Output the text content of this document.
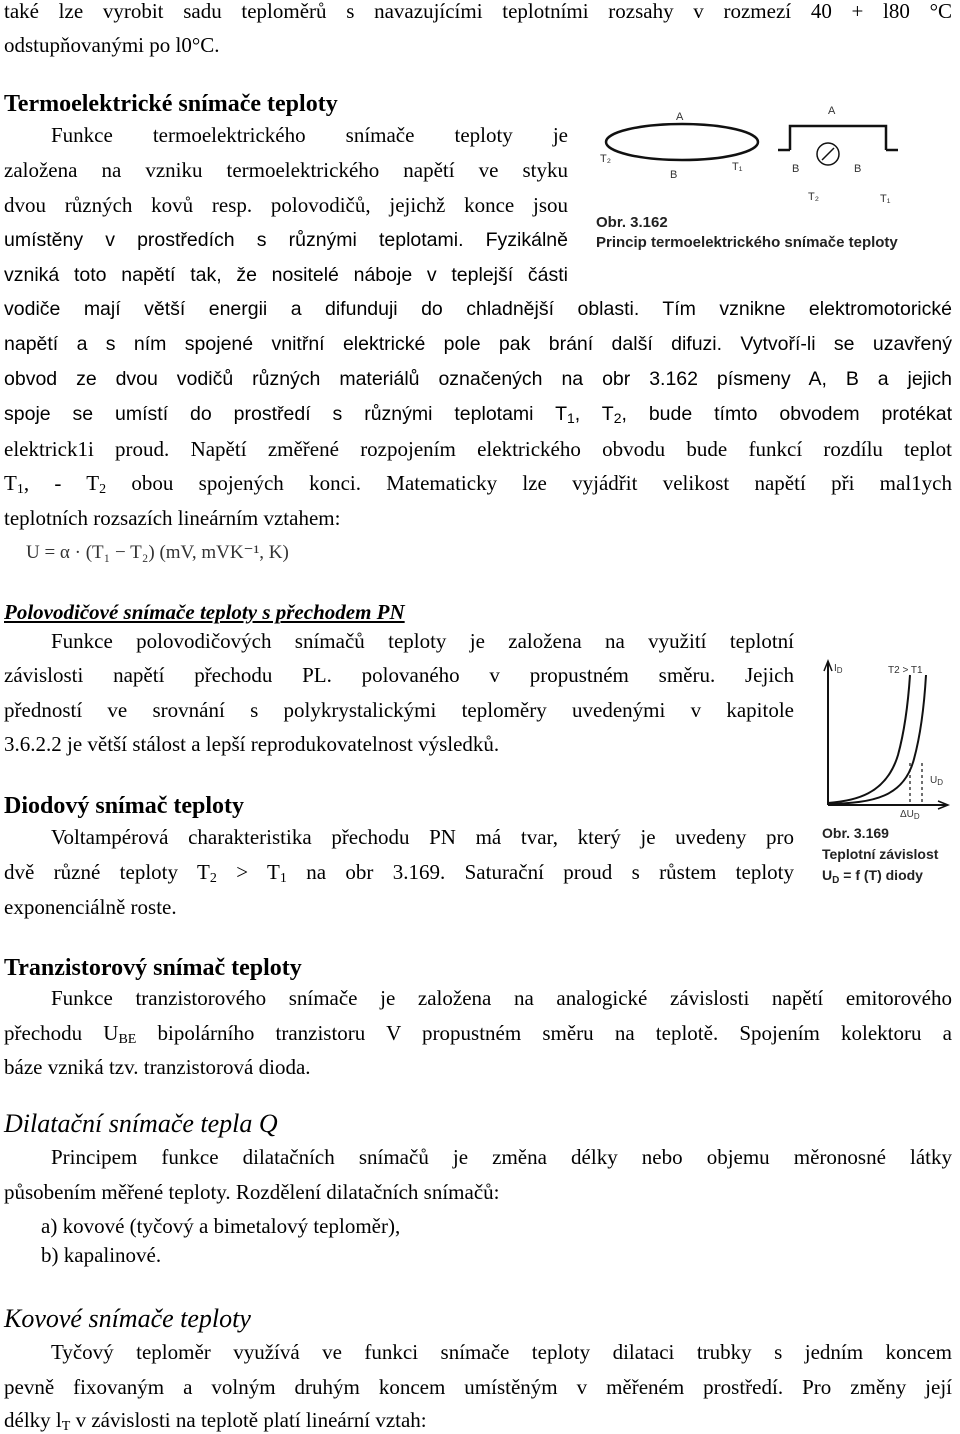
také lze vyrobit sadu teploměrů s navazujícími teplotními rozsahy v rozmezí 40 + l80 °C
odstupňovanými po l0°C.
Termoelektrické snímače teploty
Funkce termoelektrického snímače teploty je
založena na vzniku termoelektrického napětí ve styku
dvou různých kovů resp. polovodičů, jejichž konce jsou
umístěny v prostředích s různými teplotami. Fyzikálně
vzniká toto napětí tak, že nositelé náboje v teplejší části
vodiče mají větší energii a difunduji do chladnější oblasti. Tím vznikne elektromotorické
napětí a s ním spojené vnitřní elektrické pole pak brání další difuzi. Vytvoří-li se uzavřený
obvod ze dvou vodičů různých materiálů označených na obr 3.162 písmeny A, B a jejich
spoje se umístí do prostředí s různými teplotami $T_1$, $T_2$, bude tímto obvodem protékat
elektrick1i proud. Napětí změřené rozpojením elektrického obvodu bude funkcí rozdílu teplot
$T_1$, - $T_2$ obou spojených konci. Matematicky lze vyjádřit velikost napětí při mal1ych
teplotních rozsazích lineárním vztahem:
U = α · (T₁ − T₂) (mV, mVK⁻¹, K)
A	A
T₂
B
T₁	B	B
T₂	T₁
Obr. 3.162
Princip termoelektrického snímače teploty
Polovodičové snímače teploty s přechodem PN
Funkce polovodičových snímačů teploty je založena na využití teplotní
závislosti napětí přechodu PL. polovaného v propustném směru. Jejich
předností ve srovnání s polykrystalickými teploměry uvedenými v kapitole
3.6.2.2 je větší stálost a lepší reprodukovatelnost výsledků.
Diodový snímač teploty
Voltampérová charakteristika přechodu PN má tvar, který je uvedeny pro
dvě různé teploty $T_2 > T_1$ na obr 3.169. Saturační proud s růstem teploty
exponenciálně roste.
$I_D$	T2 > T1
$U_D$
$\Delta U_D$
Obr. 3.169
Teplotní závislost
$U_D = f$ (T) diody
Tranzistorový snímač teploty
Funkce tranzistorového snímače je založena na analogické závislosti napětí emitorového
přechodu $U_{BE}$ bipolárního tranzistoru V propustném směru na teplotě. Spojením kolektoru a
báze vzniká tzv. tranzistorová dioda.
Dilatační snímače tepla Q
Principem funkce dilatačních snímačů je změna délky nebo objemu měronosné látky
působením měřené teploty. Rozdělení dilatačních snímačů:
a) kovové (tyčový a bimetalový teploměr),
b) kapalinové.
Kovové snímače teploty
Tyčový teploměr využívá ve funkci snímače teploty dilataci trubky s jedním koncem
pevně fixovaným a volným druhým koncem umístěným v měřeném prostředí. Pro změny její
délky $l_T$ v závislosti na teplotě platí lineární vztah:
